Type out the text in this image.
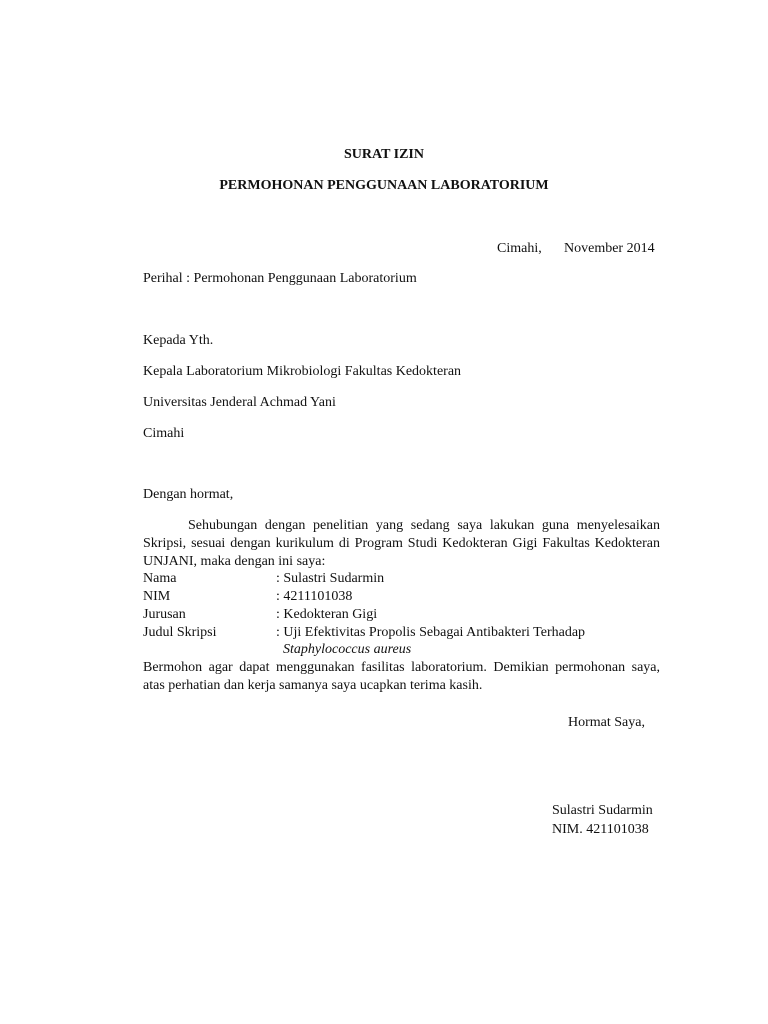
SURAT IZIN
PERMOHONAN PENGGUNAAN LABORATORIUM
Cimahi, November 2014
Perihal : Permohonan Penggunaan Laboratorium
Kepada Yth.
Kepala Laboratorium Mikrobiologi Fakultas Kedokteran
Universitas Jenderal Achmad Yani
Cimahi
Dengan hormat,
Sehubungan dengan penelitian yang sedang saya lakukan guna menyelesaikan Skripsi, sesuai dengan kurikulum di Program Studi Kedokteran Gigi Fakultas Kedokteran UNJANI, maka dengan ini saya:
Nama	: Sulastri Sudarmin
NIM	: 4211101038
Jurusan	: Kedokteran Gigi
Judul Skripsi	: Uji Efektivitas Propolis Sebagai Antibakteri Terhadap
Staphylococcus aureus
Bermohon agar dapat menggunakan fasilitas laboratorium. Demikian permohonan saya, atas perhatian dan kerja samanya saya ucapkan terima kasih.
Hormat Saya,
Sulastri Sudarmin
NIM. 421101038
